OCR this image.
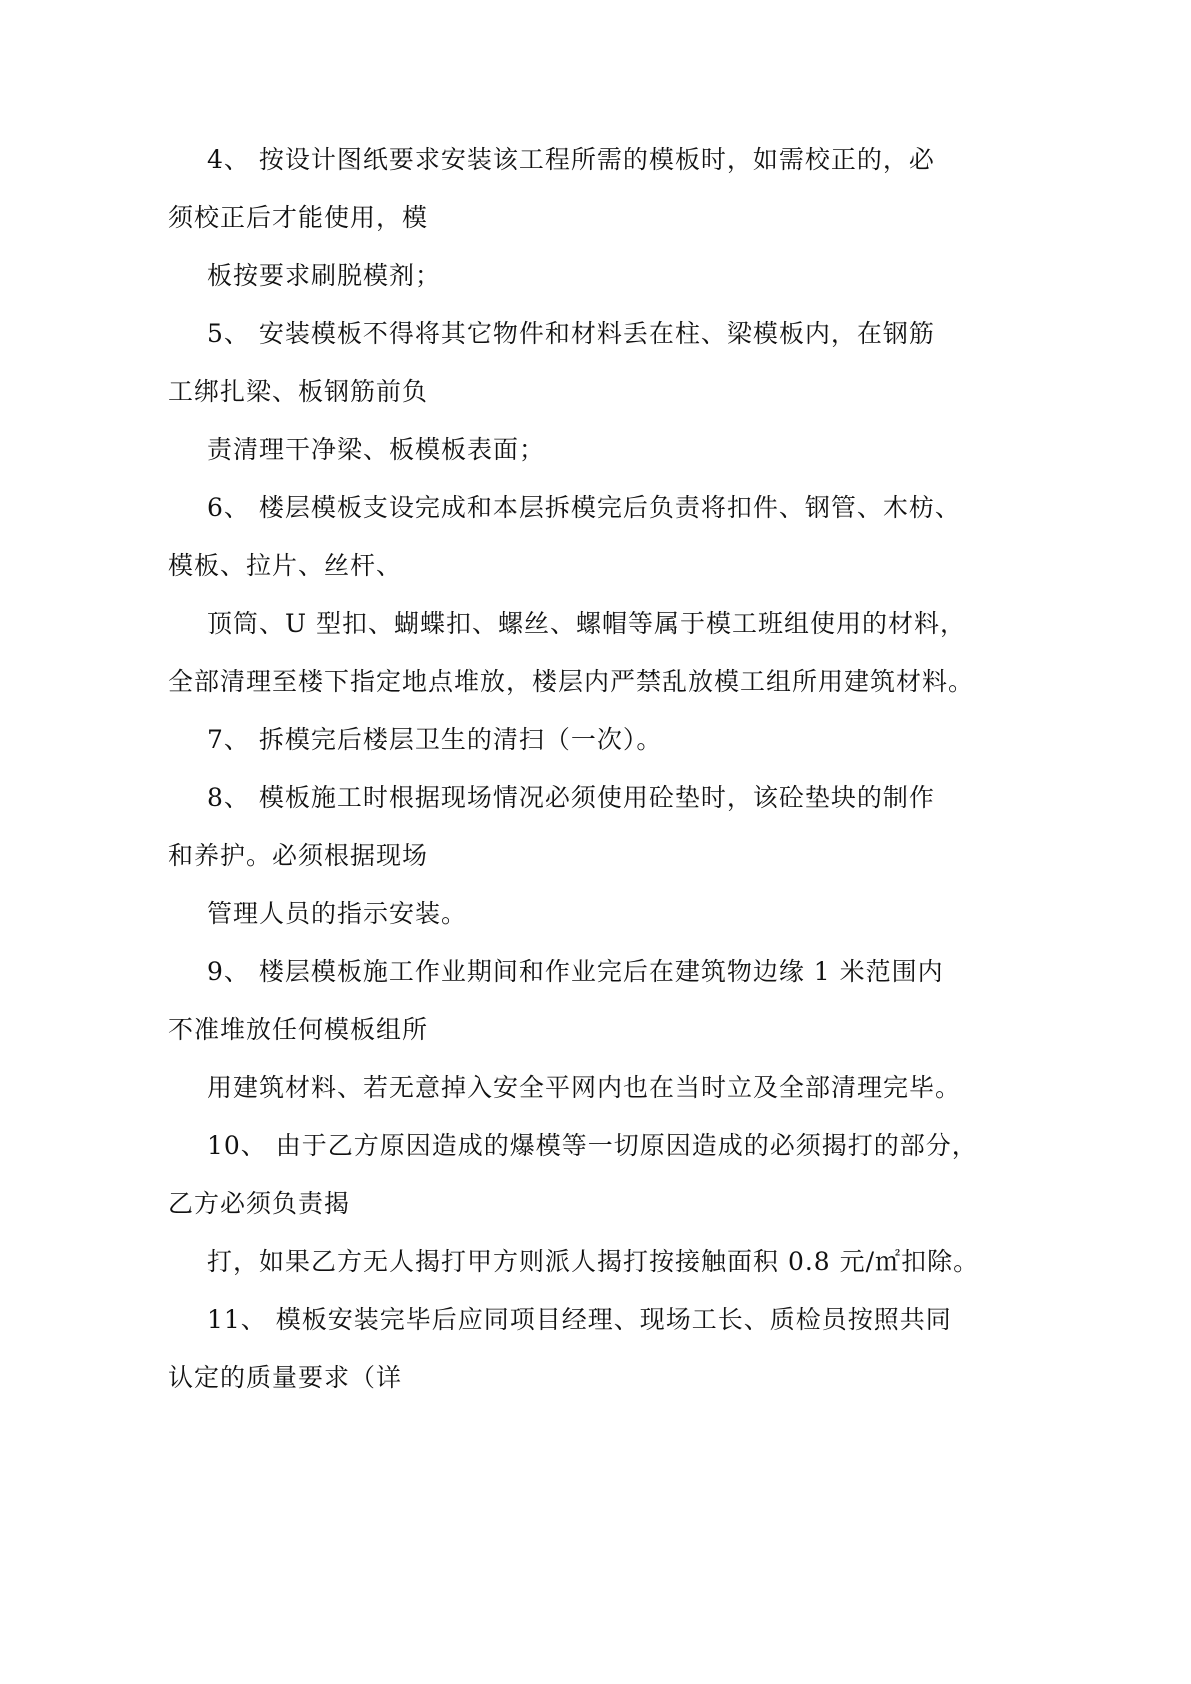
4、 按设计图纸要求安装该工程所需的模板时，如需校正的，必
须校正后才能使用，模
板按要求刷脱模剂；
5、 安装模板不得将其它物件和材料丢在柱、梁模板内，在钢筋
工绑扎梁、板钢筋前负
责清理干净梁、板模板表面；
6、 楼层模板支设完成和本层拆模完后负责将扣件、钢管、木枋、
模板、拉片、丝杆、
顶筒、U 型扣、蝴蝶扣、螺丝、螺帽等属于模工班组使用的材料，
全部清理至楼下指定地点堆放，楼层内严禁乱放模工组所用建筑材料。
7、 拆模完后楼层卫生的清扫（一次）。
8、 模板施工时根据现场情况必须使用砼垫时，该砼垫块的制作
和养护。必须根据现场
管理人员的指示安装。
9、 楼层模板施工作业期间和作业完后在建筑物边缘 1 米范围内
不准堆放任何模板组所
用建筑材料、若无意掉入安全平网内也在当时立及全部清理完毕。
10、 由于乙方原因造成的爆模等一切原因造成的必须揭打的部分，
乙方必须负责揭
打，如果乙方无人揭打甲方则派人揭打按接触面积 0.8 元/㎡扣除。
11、 模板安装完毕后应同项目经理、现场工长、质检员按照共同
认定的质量要求（详
